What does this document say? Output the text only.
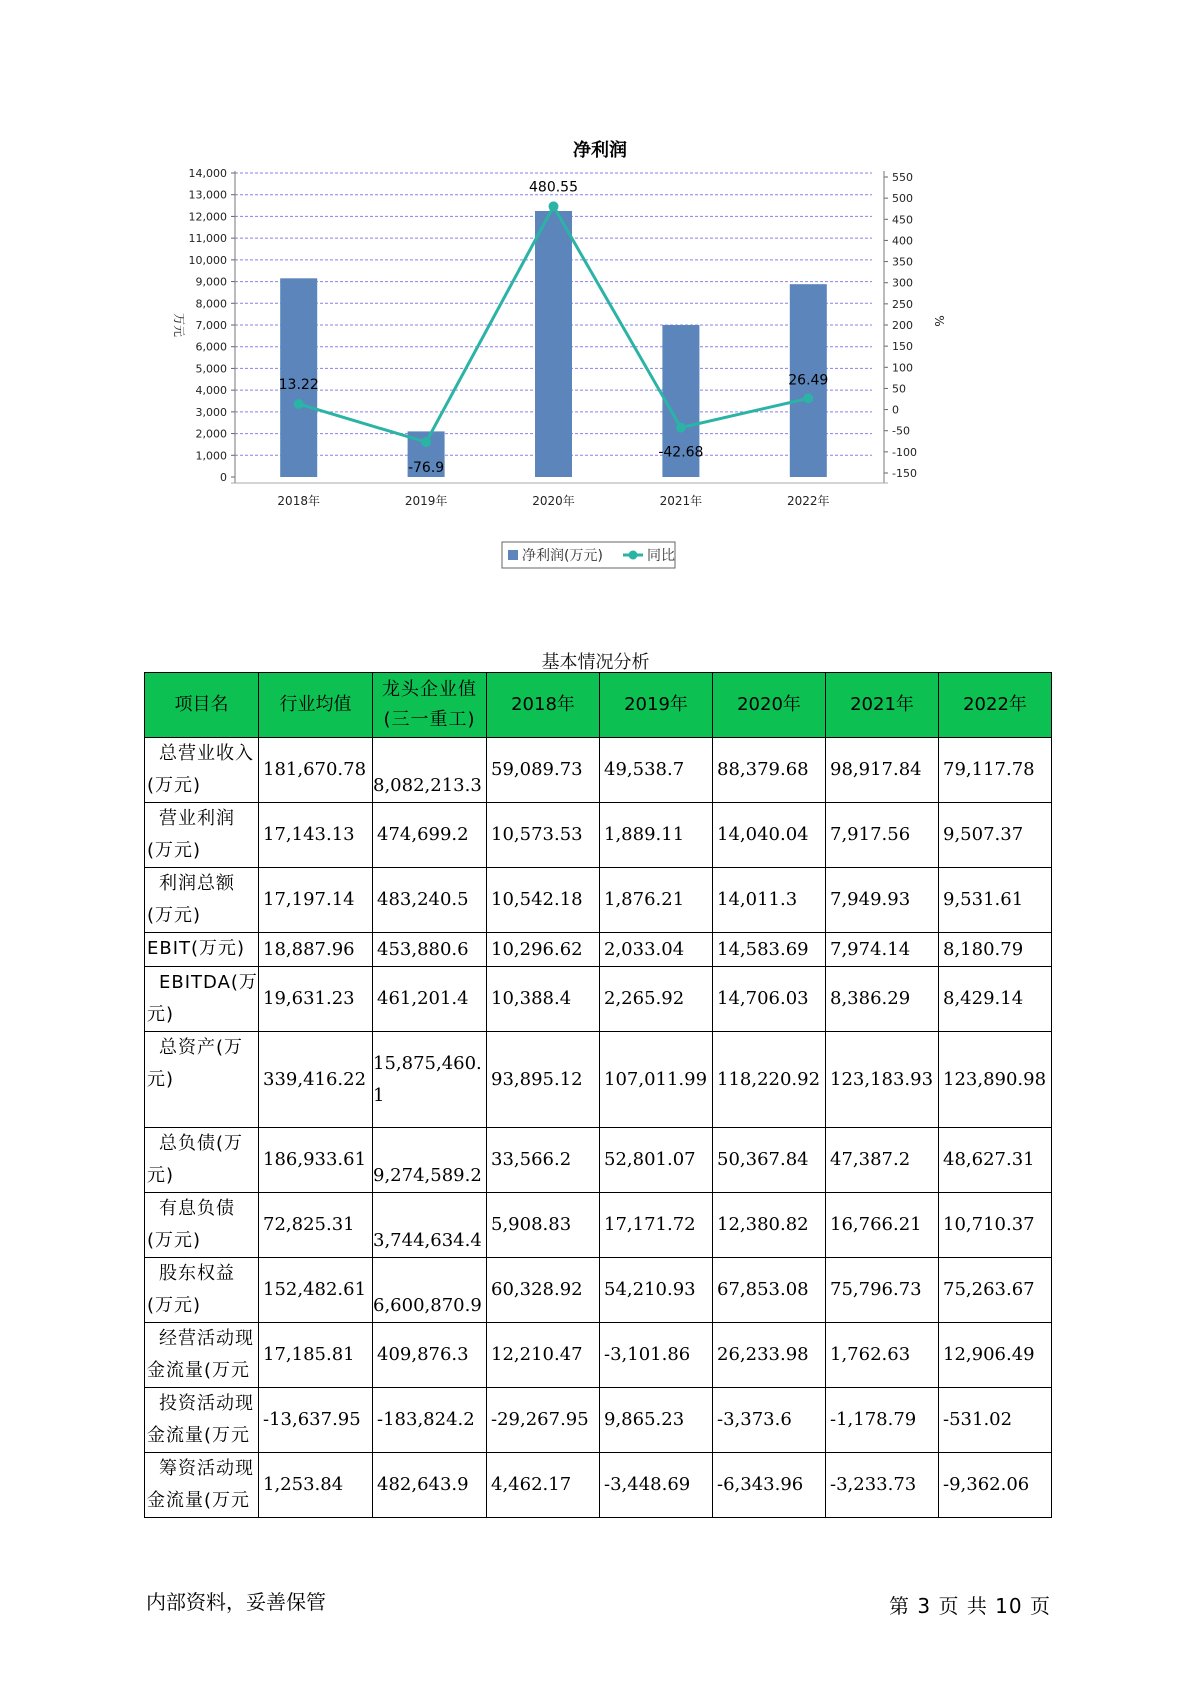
净利润
14,000
13,000
12,000
11,000
10,000
9,000
8,000
7,000
6,000
5,000
4,000
3,000
2,000
1,000
0
550
500
450
400
350
300
250
200
150
100
50
0
-50
-100
-150
万元	%
2018年	2019年	2020年	2021年	2022年
13.22
-76.9
480.55
-42.68
26.49
净利润(万元)	同比
基本情况分析
项目名	行业均值	龙头企业值(三一重工)	2018年	2019年	2020年	2021年	2022年

总营业收入
(万元)	181,670.78	8,082,213.3	59,089.73	49,538.7	88,379.68	98,917.84	79,117.78

营业利润
(万元)	17,143.13	474,699.2	10,573.53	1,889.11	14,040.04	7,917.56	9,507.37

利润总额
(万元)	17,197.14	483,240.5	10,542.18	1,876.21	14,011.3	7,949.93	9,531.61

EBIT(万元)	18,887.96	453,880.6	10,296.62	2,033.04	14,583.69	7,974.14	8,180.79

EBITDA(万
元)	19,631.23	461,201.4	10,388.4	2,265.92	14,706.03	8,386.29	8,429.14

总资产(万
元)	339,416.22	15,875,460.1	93,895.12	107,011.99	118,220.92	123,183.93	123,890.98

总负债(万
元)	186,933.61	9,274,589.2	33,566.2	52,801.07	50,367.84	47,387.2	48,627.31

有息负债
(万元)	72,825.31	3,744,634.4	5,908.83	17,171.72	12,380.82	16,766.21	10,710.37

股东权益
(万元)	152,482.61	6,600,870.9	60,328.92	54,210.93	67,853.08	75,796.73	75,263.67

经营活动现
金流量(万元	17,185.81	409,876.3	12,210.47	-3,101.86	26,233.98	1,762.63	12,906.49

投资活动现
金流量(万元	-13,637.95	-183,824.2	-29,267.95	9,865.23	-3,373.6	-1,178.79	-531.02

筹资活动现
金流量(万元	1,253.84	482,643.9	4,462.17	-3,448.69	-6,343.96	-3,233.73	-9,362.06
内部资料，妥善保管	第 3 页 共 10 页
